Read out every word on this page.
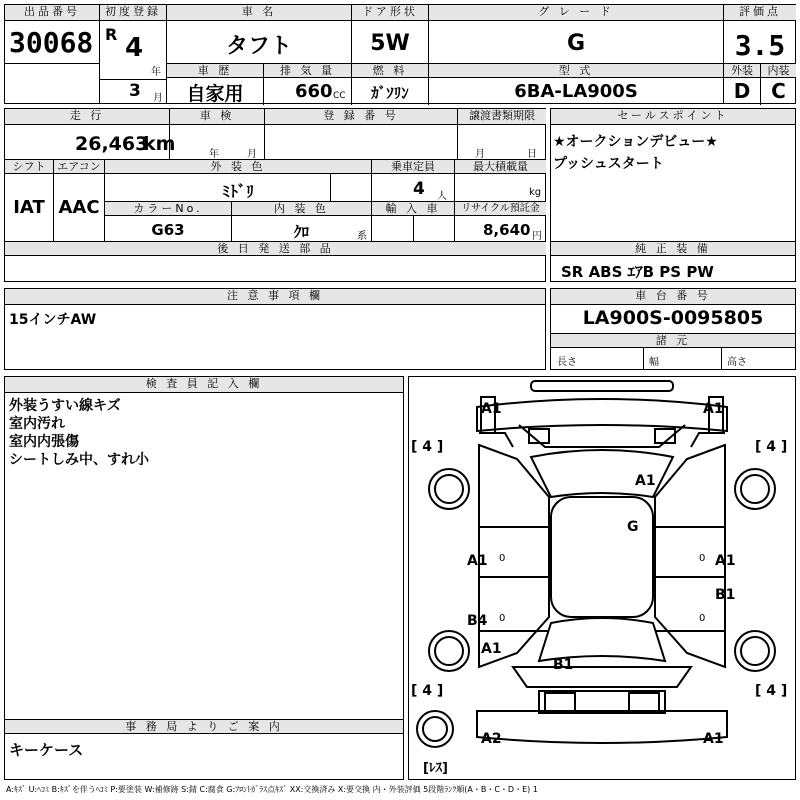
出品番号
30068
初度登録
R 4
年
3 月
車 名
タフト
ドア形状
5W
グ レ ー ド
G
評価点
3.5
車 歴
自家用
排 気 量
660 CC
燃 料
ｶﾞｿﾘﾝ
型 式
6BA-LA900S
外装	内装
D	C
走 行
26,463
km
車 検
年	月
登 録 番 号	譲渡書類期限
月	日
シフト
IAT
エアコン
AAC
外 装 色
ﾐﾄﾞﾘ
乗車定員
4 人
最大積載量
kg
カラーNo.
G63
内 装 色
ｸﾛ	系
輸 入 車	リサイクル預託金
8,640 円
後 日 発 送 部 品
セールスポイント
★オークションデビュー★
プッシュスタート
純 正 装 備
SR ABS ｴｱB PS PW
注 意 事 項 欄
15インチAW
車 台 番 号
LA900S-0095805
諸 元
長さ	幅	高さ
検 査 員 記 入 欄
外装うすい線キズ
室内汚れ
室内内張傷
シートしみ中、すれ小
事 務 局 よ り ご 案 内
キーケース
A1	A1
A1
G
A1	A1
B1
B4
A1
B1
A2	A1
[ 4 ]	[ 4 ]
[ 4 ]	[ 4 ]
[ﾚｽ]
0
0
0
0
A:ｷｽﾞ U:ﾍｺﾐ B:ｷｽﾞを伴うﾍｺﾐ P:要塗装 W:補修跡 S:錆 C:腐食 G:ﾌﾛﾝﾄｶﾞﾗｽ点ｷｽﾞ XX:交換済み X:要交換 内・外装評価 5段階ﾗﾝｸ順(A・B・C・D・E) 1
